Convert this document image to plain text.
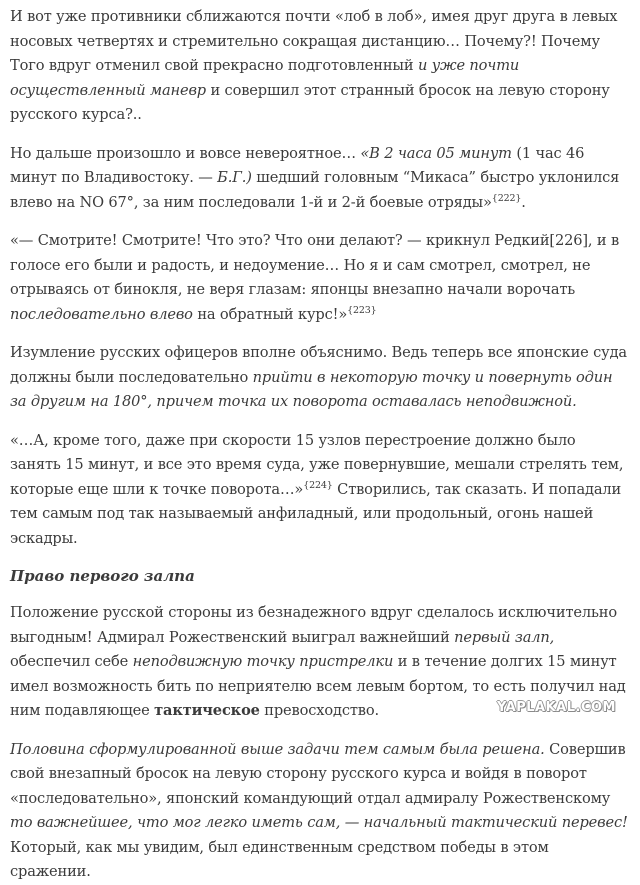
И вот уже противники сближаются почти «лоб в лоб», имея друг друга в левых носовых четвертях и стремительно сокращая дистанцию… Почему?! Почему Того вдруг отменил свой прекрасно подготовленный и уже почти осуществленный маневр и совершил этот странный бросок на левую сторону русского курса?..

Но дальше произошло и вовсе невероятное… «В 2 часа 05 минут (1 час 46 минут по Владивостоку. — Б.Г.) шедший головным “Микаса” быстро уклонился влево на NO 67°, за ним последовали 1-й и 2-й боевые отряды»$^{\{222\}}$.

«— Смотрите! Смотрите! Что это? Что они делают? — крикнул Редкий[226], и в голосе его были и радость, и недоумение… Но я и сам смотрел, смотрел, не отрываясь от бинокля, не веря глазам: японцы внезапно начали ворочать последовательно влево на обратный курс!»$^{\{223\}}$

Изумление русских офицеров вполне объяснимо. Ведь теперь все японские суда должны были последовательно прийти в некоторую точку и повернуть один за другим на 180°, причем точка их поворота оставалась неподвижной.

«…А, кроме того, даже при скорости 15 узлов перестроение должно было занять 15 минут, и все это время суда, уже повернувшие, мешали стрелять тем, которые еще шли к точке поворота…»$^{\{224\}}$ Створились, так сказать. И попадали тем самым под так называемый анфиладный, или продольный, огонь нашей эскадры.

Право первого залпа

Положение русской стороны из безнадежного вдруг сделалось исключительно выгодным! Адмирал Рожественский выиграл важнейший первый залп, обеспечил себе неподвижную точку пристрелки и в течение долгих 15 минут имел возможность бить по неприятелю всем левым бортом, то есть получил над ним подавляющее тактическое превосходство.

Половина сформулированной выше задачи тем самым была решена. Совершив свой внезапный бросок на левую сторону русского курса и войдя в поворот «последовательно», японский командующий отдал адмиралу Рожественскому то важнейшее, что мог легко иметь сам, — начальный тактический перевес! Который, как мы увидим, был единственным средством победы в этом сражении.

YAPLAKAL.COM
